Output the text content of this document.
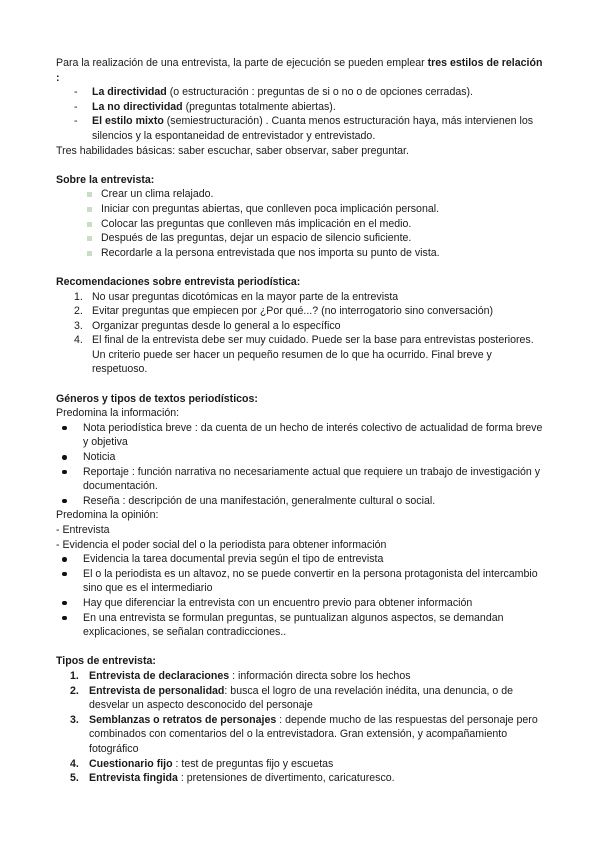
Para la realización de una entrevista, la parte de ejecución se pueden emplear tres estilos de relación :

- La directividad (o estructuración : preguntas de si o no o de opciones cerradas).
- La no directividad (preguntas totalmente abiertas).
- El estilo mixto (semiestructuración) . Cuanta menos estructuración haya, más intervienen los silencios y la espontaneidad de entrevistador y entrevistado.

Tres habilidades básicas: saber escuchar, saber observar, saber preguntar.

Sobre la entrevista:

Crear un clima relajado.
Iniciar con preguntas abiertas, que conlleven poca implicación personal.
Colocar las preguntas que conlleven más implicación en el medio.
Después de las preguntas, dejar un espacio de silencio suficiente.
Recordarle a la persona entrevistada que nos importa su punto de vista.

Recomendaciones sobre entrevista periodística:

1. No usar preguntas dicotómicas en la mayor parte de la entrevista
2. Evitar preguntas que empiecen por ¿Por qué...? (no interrogatorio sino conversación)
3. Organizar preguntas desde lo general a lo específico
4. El final de la entrevista debe ser muy cuidado. Puede ser la base para entrevistas posteriores. Un criterio puede ser hacer un pequeño resumen de lo que ha ocurrido. Final breve y respetuoso.

Géneros y tipos de textos periodísticos:

Predomina la información:

Nota periodística breve : da cuenta de un hecho de interés colectivo de actualidad de forma breve y objetiva
Noticia
Reportaje : función narrativa no necesariamente actual que requiere un trabajo de investigación y documentación.
Reseña : descripción de una manifestación, generalmente cultural o social.

Predomina la opinión:

- Entrevista

- Evidencia el poder social del o la periodista para obtener información

Evidencia la tarea documental previa según el tipo de entrevista
El o la periodista es un altavoz, no se puede convertir en la persona protagonista del intercambio sino que es el intermediario
Hay que diferenciar la entrevista con un encuentro previo para obtener información
En una entrevista se formulan preguntas, se puntualizan algunos aspectos, se demandan explicaciones, se señalan contradicciones..

Tipos de entrevista:

1. Entrevista de declaraciones : información directa sobre los hechos
2. Entrevista de personalidad: busca el logro de una revelación inédita, una denuncia, o de desvelar un aspecto desconocido del personaje
3. Semblanzas o retratos de personajes : depende mucho de las respuestas del personaje pero combinados con comentarios del o la entrevistadora. Gran extensión, y acompañamiento fotográfico
4. Cuestionario fijo : test de preguntas fijo y escuetas
5. Entrevista fingida : pretensiones de divertimento, caricaturesco.
